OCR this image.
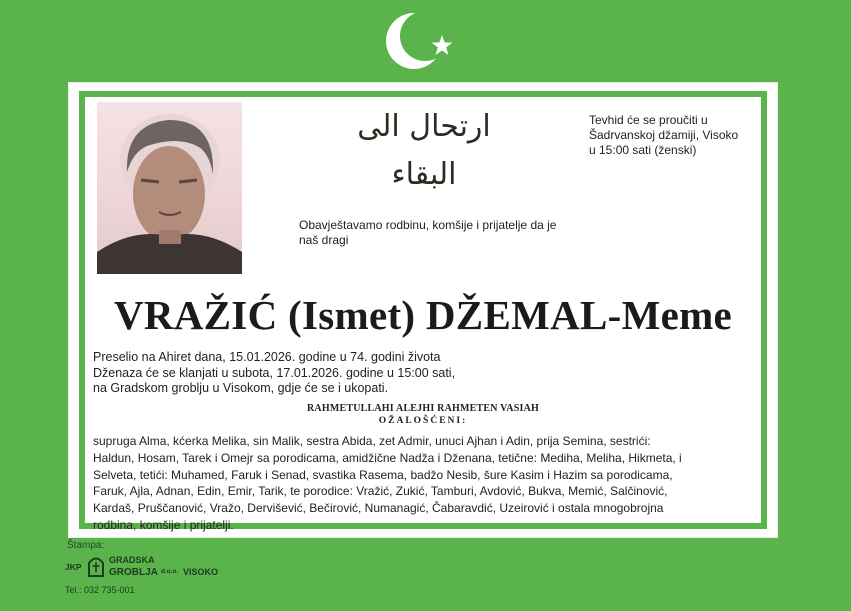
ارتحال الى البقاء
Tevhid će se proučiti u
Šadrvanskoj džamiji, Visoko
u 15:00 sati (ženski)
Obavještavamo rodbinu, komšije i prijatelje da je
naš dragi
VRAŽIĆ (Ismet) DŽEMAL-Meme
Preselio na Ahiret dana, 15.01.2026. godine u 74. godini života
Dženaza će se klanjati u subota, 17.01.2026. godine u 15:00 sati,
na Gradskom groblju u Visokom, gdje će se i ukopati.
RAHMETULLAHI ALEJHI RAHMETEN VASIAH
OŽALOŠĆENI:
supruga Alma, kćerka Melika, sin Malik, sestra Abida, zet Admir, unuci Ajhan i Adin, prija Semina, sestrići:
Haldun, Hosam, Tarek i Omejr sa porodicama, amidžične Nadža i Dženana, tetične: Mediha, Meliha, Hikmeta, i
Selveta, tetići: Muhamed, Faruk i Senad, svastika Rasema, badžo Nesib, šure Kasim i Hazim sa porodicama,
Faruk, Ajla, Adnan, Edin, Emir, Tarik, te porodice: Vražić, Zukić, Tamburi, Avdović, Bukva, Memić, Salčinović,
Kardaš, Pruščanović, Vražo, Dervišević, Bečirović, Numanagić, Čabaravdić, Uzeirović i ostala mnogobrojna
rodbina, komšije i prijatelji.
Štampa:
JKP
GRADSKA
GROBLJA d.o.o. VISOKO
Tel.: 032 735-001
